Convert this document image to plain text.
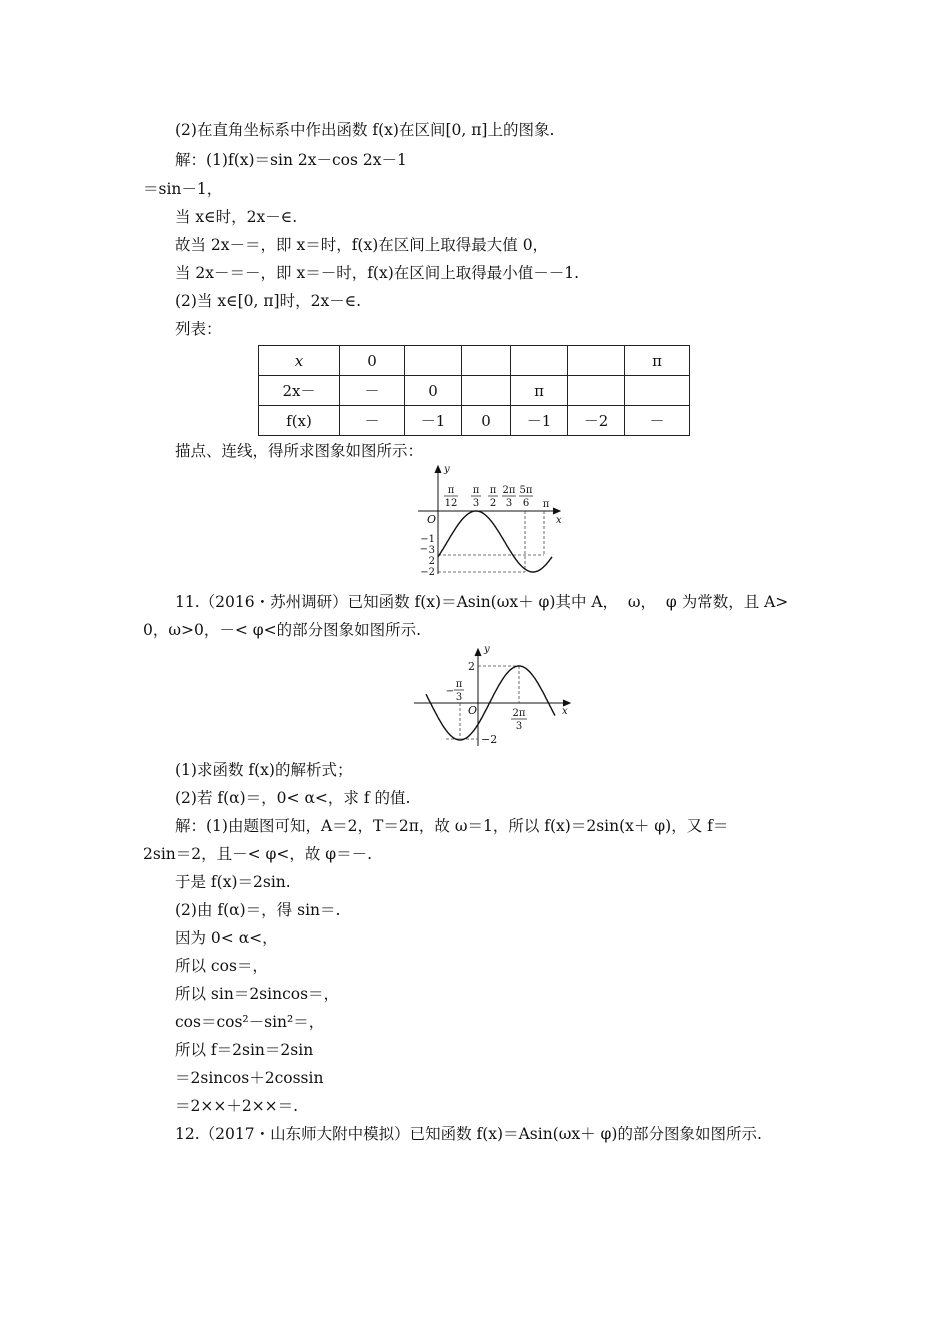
(2)在直角坐标系中作出函数 f(x)在区间[0, π]上的图象.
解：(1)f(x)＝sin 2x－cos 2x－1
＝sin－1，
当 x∈时，2x－∈.
故当 2x－＝，即 x＝时，f(x)在区间上取得最大值 0，
当 2x－＝－，即 x＝－时，f(x)在区间上取得最小值－－1.
(2)当 x∈[0, π]时，2x－∈.
列表：
x	0					π
2x－	－	0		π		
f(x)	－	－1	0	－1	－2	－
描点、连线，得所求图象如图所示：
y
x
O
π
12
π
3
π
2
2π
3
5π
6 π
−1
− 3
2
−2
11.（2016・苏州调研）已知函数 f(x)＝Asin(ωx＋ φ)其中 A，  ω，  φ 为常数，且 A>
0，ω>0，－< φ<的部分图象如图所示.
y
x
O
2
−2
−
π
3
2π
3
(1)求函数 f(x)的解析式；
(2)若 f(α)＝，0< α<，求 f 的值.
解：(1)由题图可知，A＝2，T＝2π，故 ω＝1，所以 f(x)＝2sin(x＋ φ)，又 f＝
2sin＝2，且－< φ<，故 φ＝－.
于是 f(x)＝2sin.
(2)由 f(α)＝，得 sin＝.
因为 0< α<，
所以 cos＝，
所以 sin＝2sincos＝，
cos＝cos²－sin²＝，
所以 f＝2sin＝2sin
＝2sincos＋2cossin
＝2××＋2××＝.
12.（2017・山东师大附中模拟）已知函数 f(x)＝Asin(ωx＋ φ)的部分图象如图所示.
